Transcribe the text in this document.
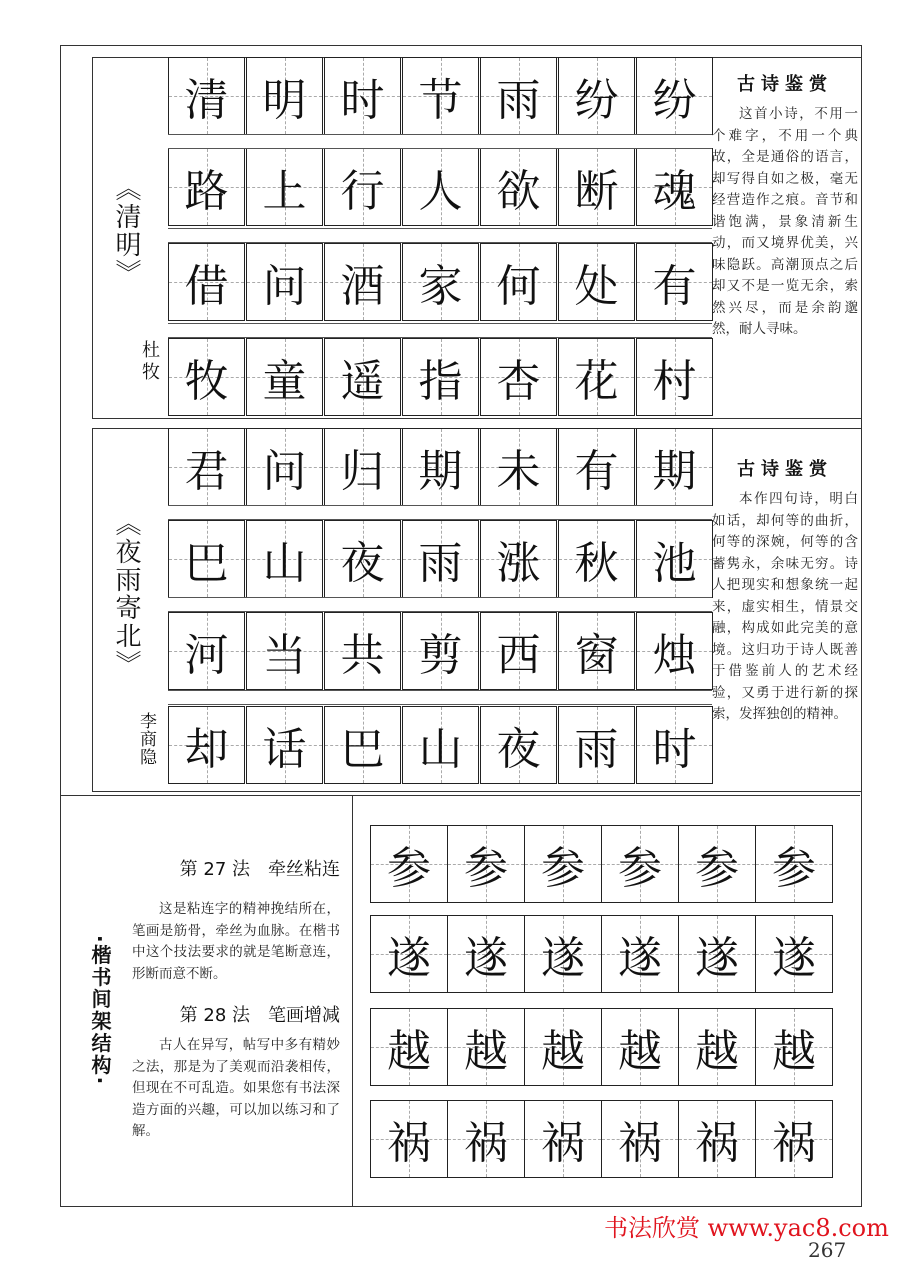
《清明》
杜牧
清 明 时 节 雨 纷 纷
路 上 行 人 欲 断 魂
借 问 酒 家 何 处 有
牧 童 遥 指 杏 花 村
古诗鉴赏
这首小诗，不用一个难字，不用一个典故，全是通俗的语言，却写得自如之极，毫无经营造作之痕。音节和谐饱满，景象清新生动，而又境界优美，兴味隐跃。高潮顶点之后却又不是一览无余，索然兴尽，而是余韵邈然，耐人寻味。
《夜雨寄北》
李商隐
君 问 归 期 未 有 期
巴 山 夜 雨 涨 秋 池
河 当 共 剪 西 窗 烛
却 话 巴 山 夜 雨 时
古诗鉴赏
本作四句诗，明白如话，却何等的曲折，何等的深婉，何等的含蓄隽永，余味无穷。诗人把现实和想象统一起来，虚实相生，情景交融，构成如此完美的意境。这归功于诗人既善于借鉴前人的艺术经验，又勇于进行新的探索，发挥独创的精神。
·楷书间架结构·
第 27 法　牵丝粘连
这是粘连字的精神挽结所在，笔画是筋骨，牵丝为血脉。在楷书中这个技法要求的就是笔断意连，形断而意不断。
第 28 法　笔画增减
古人在异写，帖写中多有精妙之法，那是为了美观而沿袭相传，但现在不可乱造。如果您有书法深造方面的兴趣，可以加以练习和了解。
参 参 参 参 参 参
遂 遂 遂 遂 遂 遂
越 越 越 越 越 越
祸 祸 祸 祸 祸 祸
书法欣赏 www.yac8.com
267
